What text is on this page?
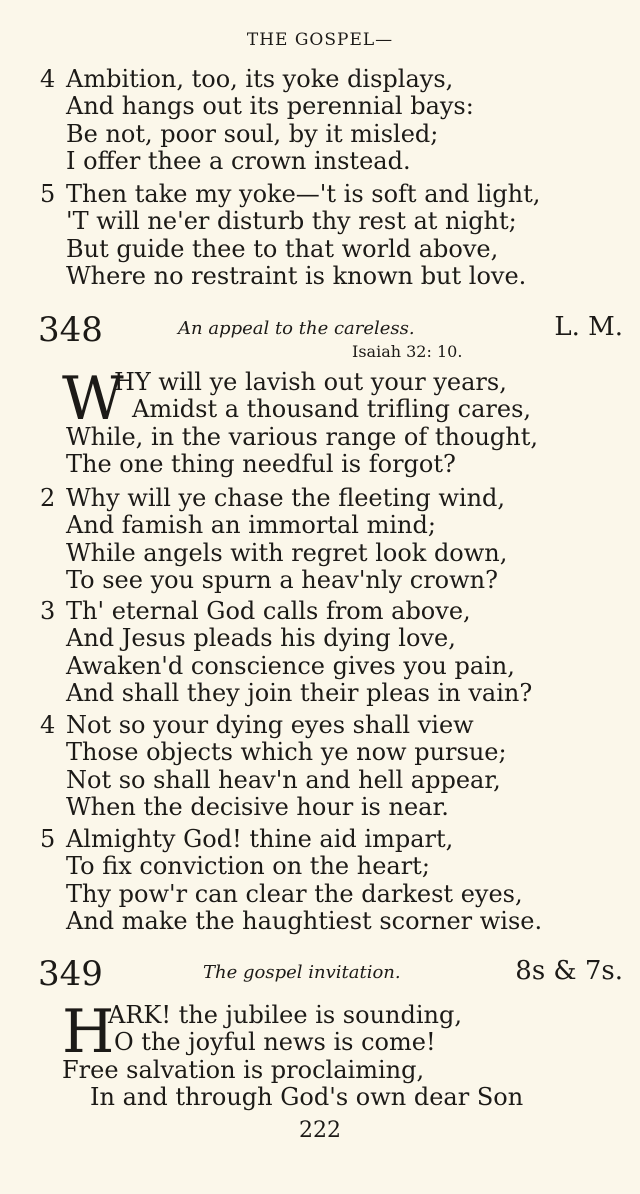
THE GOSPEL—
4 Ambition, too, its yoke displays,
And hangs out its perennial bays:
Be not, poor soul, by it misled;
I offer thee a crown instead.
5 Then take my yoke—'t is soft and light,
'T will ne'er disturb thy rest at night;
But guide thee to that world above,
Where no restraint is known but love.
348	An appeal to the careless.	L. M.
Isaiah 32: 10.
W
HY will ye lavish out your years,
Amidst a thousand trifling cares,
While, in the various range of thought,
The one thing needful is forgot?
2 Why will ye chase the fleeting wind,
And famish an immortal mind;
While angels with regret look down,
To see you spurn a heav'nly crown?
3 Th' eternal God calls from above,
And Jesus pleads his dying love,
Awaken'd conscience gives you pain,
And shall they join their pleas in vain?
4 Not so your dying eyes shall view
Those objects which ye now pursue;
Not so shall heav'n and hell appear,
When the decisive hour is near.
5 Almighty God! thine aid impart,
To fix conviction on the heart;
Thy pow'r can clear the darkest eyes,
And make the haughtiest scorner wise.
349	The gospel invitation.	8s & 7s.
H
ARK! the jubilee is sounding,
O the joyful news is come!
Free salvation is proclaiming,
In and through God's own dear Son
222
